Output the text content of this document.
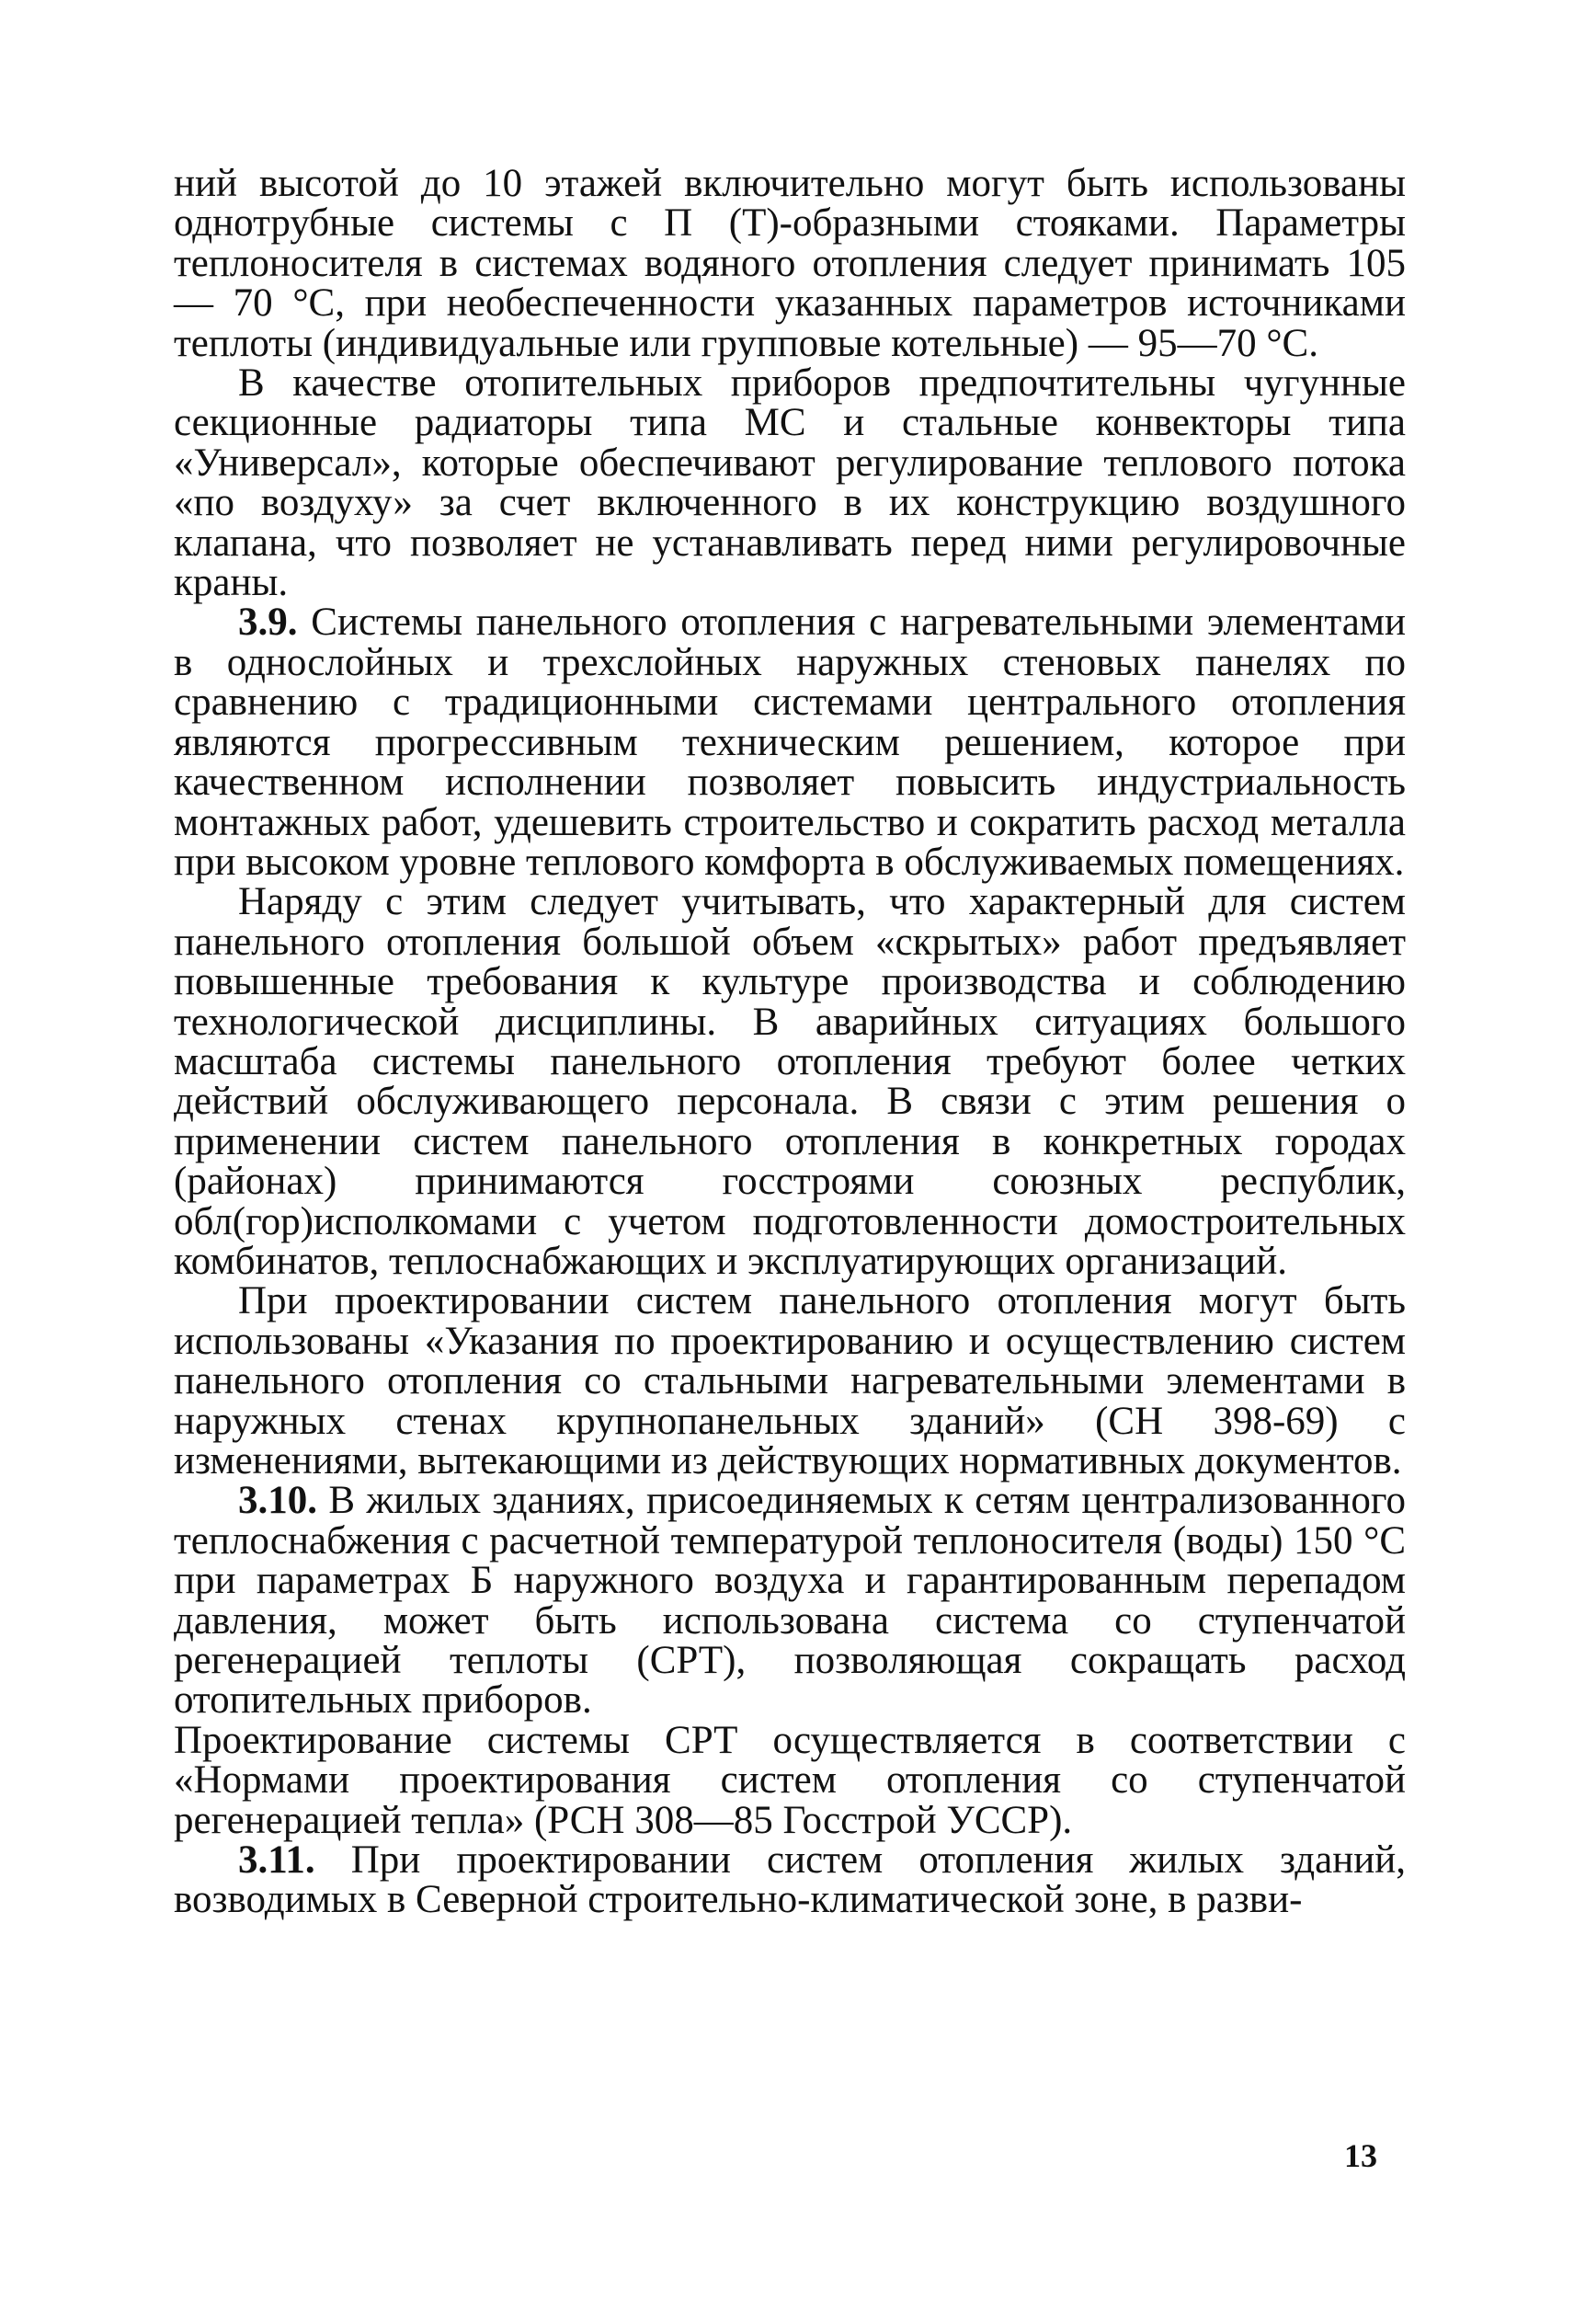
ний высотой до 10 этажей включительно могут быть использованы однотрубные системы с П (Т)-образными стояками. Параметры теплоносителя в системах водяного отопления следует принимать 105 — 70 °С, при необеспеченности указанных параметров источниками теплоты (индивидуальные или групповые котельные) — 95—70 °С.

В качестве отопительных приборов предпочтительны чугунные секционные радиаторы типа МС и стальные конвекторы типа «Универсал», которые обеспечивают регулирование теплового потока «по воздуху» за счет включенного в их конструкцию воздушного клапана, что позволяет не устанавливать перед ними регулировочные краны.

3.9. Системы панельного отопления с нагревательными элементами в однослойных и трехслойных наружных стеновых панелях по сравнению с традиционными системами центрального отопления являются прогрессивным техническим решением, которое при качественном исполнении позволяет повысить индустриальность монтажных работ, удешевить строительство и сократить расход металла при высоком уровне теплового комфорта в обслуживаемых помещениях.

Наряду с этим следует учитывать, что характерный для систем панельного отопления большой объем «скрытых» работ предъявляет повышенные требования к культуре производства и соблюдению технологической дисциплины. В аварийных ситуациях большого масштаба системы панельного отопления требуют более четких действий обслуживающего персонала. В связи с этим решения о применении систем панельного отопления в конкретных городах (районах) принимаются госстроями союзных республик, обл(гор)исполкомами с учетом подготовленности домостроительных комбинатов, теплоснабжающих и эксплуатирующих организаций.

При проектировании систем панельного отопления могут быть использованы «Указания по проектированию и осуществлению систем панельного отопления со стальными нагревательными элементами в наружных стенах крупнопанельных зданий» (СН 398-69) с изменениями, вытекающими из действующих нормативных документов.

3.10. В жилых зданиях, присоединяемых к сетям централизованного теплоснабжения с расчетной температурой теплоносителя (воды) 150 °С при параметрах Б наружного воздуха и гарантированным перепадом давления, может быть использована система со ступенчатой регенерацией теплоты (СРТ), позволяющая сокращать расход отопительных приборов.

Проектирование системы СРТ осуществляется в соответствии с «Нормами проектирования систем отопления со ступенчатой регенерацией тепла» (РСН 308—85 Госстрой УССР).

3.11. При проектировании систем отопления жилых зданий, возводимых в Северной строительно-климатической зоне, в разви-

13
